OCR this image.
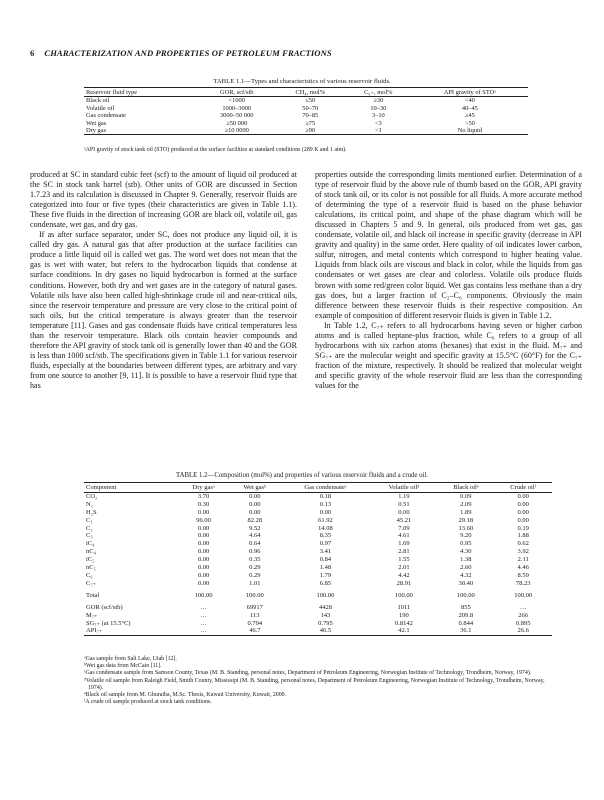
6 CHARACTERIZATION AND PROPERTIES OF PETROLEUM FRACTIONS
TABLE 1.1—Types and characteristics of various reservoir fluids.
Reservoir fluid type	GOR, scf/stb	CH₄, mol%	C₆₊, mol%	API gravity of STOᵃ
Black oil	<1000	≤50	≥30	<40
Volatile oil	1000–3000	50–70	10–30	40–45
Gas condensate	3000–50 000	70–85	3–10	≥45
Wet gas	≥50 000	≥75	<3	>50
Dry gas	≥10 0000	≥90	<1	No liquid
ᵃAPI gravity of stock tank oil (STO) produced at the surface facilities at standard conditions (289 K and 1 atm).

produced at SC in standard cubic feet (scf) to the amount of liquid oil produced at the SC in stock tank barrel (stb). Other units of GOR are discussed in Section 1.7.23 and its calculation is discussed in Chapter 9. Generally, reservoir fluids are categorized into four or five types (their characteristics are given in Table 1.1). These five fluids in the direction of increasing GOR are black oil, volatile oil, gas condensate, wet gas, and dry gas.

If as after surface separator, under SC, does not produce any liquid oil, it is called dry gas. A natural gas that after production at the surface facilities can produce a little liquid oil is called wet gas. The word wet does not mean that the gas is wet with water, but refers to the hydrocarbon liquids that condense at surface conditions. In dry gases no liquid hydrocarbon is formed at the surface conditions. However, both dry and wet gases are in the category of natural gases. Volatile oils have also been called high-shrinkage crude oil and near-critical oils, since the reservoir temperature and pressure are very close to the critical point of such oils, but the critical temperature is always greater than the reservoir temperature [11]. Gases and gas condensate fluids have critical temperatures less than the reservoir temperature. Black oils contain heavier compounds and therefore the API gravity of stock tank oil is generally lower than 40 and the GOR is less than 1000 scf/stb. The specifications given in Table 1.1 for various reservoir fluids, especially at the boundaries between different types, are arbitrary and vary from one source to another [9, 11]. It is possible to have a reservoir fluid type that has

properties outside the corresponding limits mentioned earlier. Determination of a type of reservoir fluid by the above rule of thumb based on the GOR, API gravity of stock tank oil, or its color is not possible for all fluids. A more accurate method of determining the type of a reservoir fluid is based on the phase behavior calculations, its critical point, and shape of the phase diagram which will be discussed in Chapters 5 and 9. In general, oils produced from wet gas, gas condensate, volatile oil, and black oil increase in specific gravity (decrease in API gravity and quality) in the same order. Here quality of oil indicates lower carbon, sulfur, nitrogen, and metal contents which correspond to higher heating value. Liquids from black oils are viscous and black in color, while the liquids from gas condensates or wet gases are clear and colorless. Volatile oils produce fluids brown with some red/green color liquid. Wet gas contains less methane than a dry gas does, but a larger fraction of C₂–C₆ components. Obviously the main difference between these reservoir fluids is their respective composition. An example of composition of different reservoir fluids is given in Table 1.2.

In Table 1.2, C₇₊ refers to all hydrocarbons having seven or higher carbon atoms and is called heptane-plus fraction, while C₆ refers to a group of all hydrocarbons with six carbon atoms (hexanes) that exist in the fluid. M₇₊ and SG₇₊ are the molecular weight and specific gravity at 15.5°C (60°F) for the C₇₊ fraction of the mixture, respectively. It should be realized that molecular weight and specific gravity of the whole reservoir fluid are less than the corresponding values for the

TABLE 1.2—Composition (mol%) and properties of various reservoir fluids and a crude oil.
Component	Dry gasᵃ	Wet gasᵇ	Gas condensateᶜ	Volatile oilᵈ	Black oilᵉ	Crude oilᶠ
CO₂	3.70	0.00	0.18	1.19	0.09	0.00
N₂	0.30	0.00	0.13	0.51	2.09	0.00
H₂S	0.00	0.00	0.00	0.00	1.89	0.00
C₁	96.00	82.28	61.92	45.21	29.18	0.00
C₂	0.00	9.52	14.08	7.09	13.60	0.19
C₃	0.00	4.64	8.35	4.61	9.20	1.88
iC₄	0.00	0.64	0.97	1.69	0.95	0.62
nC₄	0.00	0.96	3.41	2.81	4.30	3.92
iC₅	0.00	0.35	0.84	1.55	1.38	2.11
nC₅	0.00	0.29	1.48	2.01	2.60	4.46
C₆	0.00	0.29	1.79	4.42	4.32	8.59
C₇₊	0.00	1.01	6.85	28.91	30.40	78.23
Total	100.00	100.00	100.00	100.00	100.00	100.00
GOR (scf/stb)	…	69917	4428	1011	855	…
M₇₊	…	113	143	190	209.8	266
SG₇₊ (at 15.5°C)	…	0.794	0.795	0.8142	0.844	0.895
API₇₊	…	46.7	46.5	42.1	36.1	26.6
ᵃGas sample from Salt Lake, Utah [12].
ᵇWet gas data from McCain [11].
ᶜGas condensate sample from Samson County, Texas (M. B. Standing, personal notes, Department of Petroleum Engineering, Norwegian Institute of Technology, Trondheim, Norway, 1974).
ᵈVolatile oil sample from Raleigh Field, Smith County, Mississipi (M. B. Standing, personal notes, Department of Petroleum Engineering, Norwegian Institute of Technology, Trondheim, Norway, 1974).
ᵉBlack oil sample from M. Ghuraiba, M.Sc. Thesis, Kuwait University, Kuwait, 2000.
ᶠA crude oil sample produced at stock tank conditions.
